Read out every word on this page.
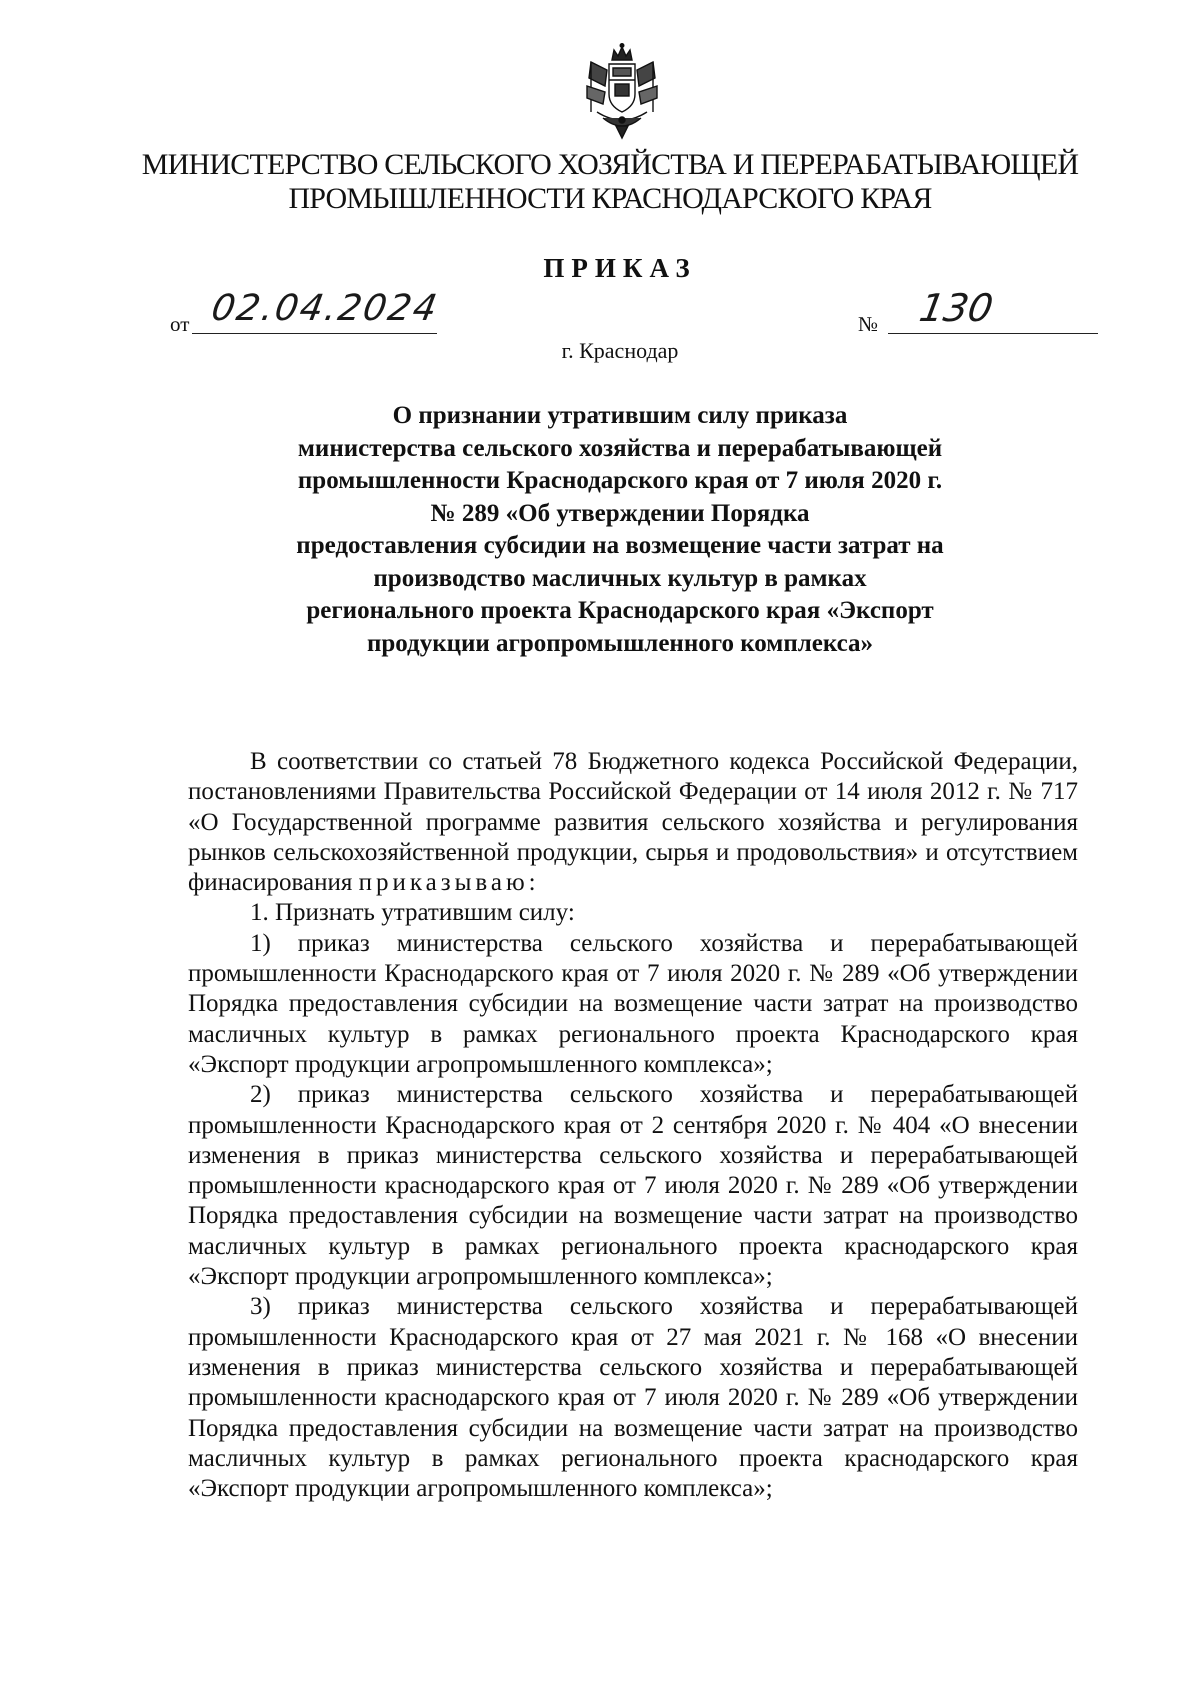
МИНИСТЕРСТВО СЕЛЬСКОГО ХОЗЯЙСТВА И ПЕРЕРАБАТЫВАЮЩЕЙ
ПРОМЫШЛЕННОСТИ КРАСНОДАРСКОГО КРАЯ
ПРИКАЗ
от 02.04.2024	№ 130
г. Краснодар
О признании утратившим силу приказа
министерства сельского хозяйства и перерабатывающей
промышленности Краснодарского края от 7 июля 2020 г.
№ 289 «Об утверждении Порядка
предоставления субсидии на возмещение части затрат на
производство масличных культур в рамках
регионального проекта Краснодарского края «Экспорт
продукции агропромышленного комплекса»

В соответствии со статьей 78 Бюджетного кодекса Российской Федерации, постановлениями Правительства Российской Федерации от 14 июля 2012 г. № 717 «О Государственной программе развития сельского хозяйства и регулирования рынков сельскохозяйственной продукции, сырья и продовольствия» и отсутствием финасирования приказываю:

1. Признать утратившим силу:

1) приказ министерства сельского хозяйства и перерабатывающей промышленности Краснодарского края от 7 июля 2020 г. № 289 «Об утверждении Порядка предоставления субсидии на возмещение части затрат на производство масличных культур в рамках регионального проекта Краснодарского края «Экспорт продукции агропромышленного комплекса»;

2) приказ министерства сельского хозяйства и перерабатывающей промышленности Краснодарского края от 2 сентября 2020 г. № 404 «О внесении изменения в приказ министерства сельского хозяйства и перерабатывающей промышленности краснодарского края от 7 июля 2020 г. № 289 «Об утверждении Порядка предоставления субсидии на возмещение части затрат на производство масличных культур в рамках регионального проекта краснодарского края «Экспорт продукции агропромышленного комплекса»;

3) приказ министерства сельского хозяйства и перерабатывающей промышленности Краснодарского края от 27 мая 2021 г. № 168 «О внесении изменения в приказ министерства сельского хозяйства и перерабатывающей промышленности краснодарского края от 7 июля 2020 г. № 289 «Об утверждении Порядка предоставления субсидии на возмещение части затрат на производство масличных культур в рамках регионального проекта краснодарского края «Экспорт продукции агропромышленного комплекса»;
